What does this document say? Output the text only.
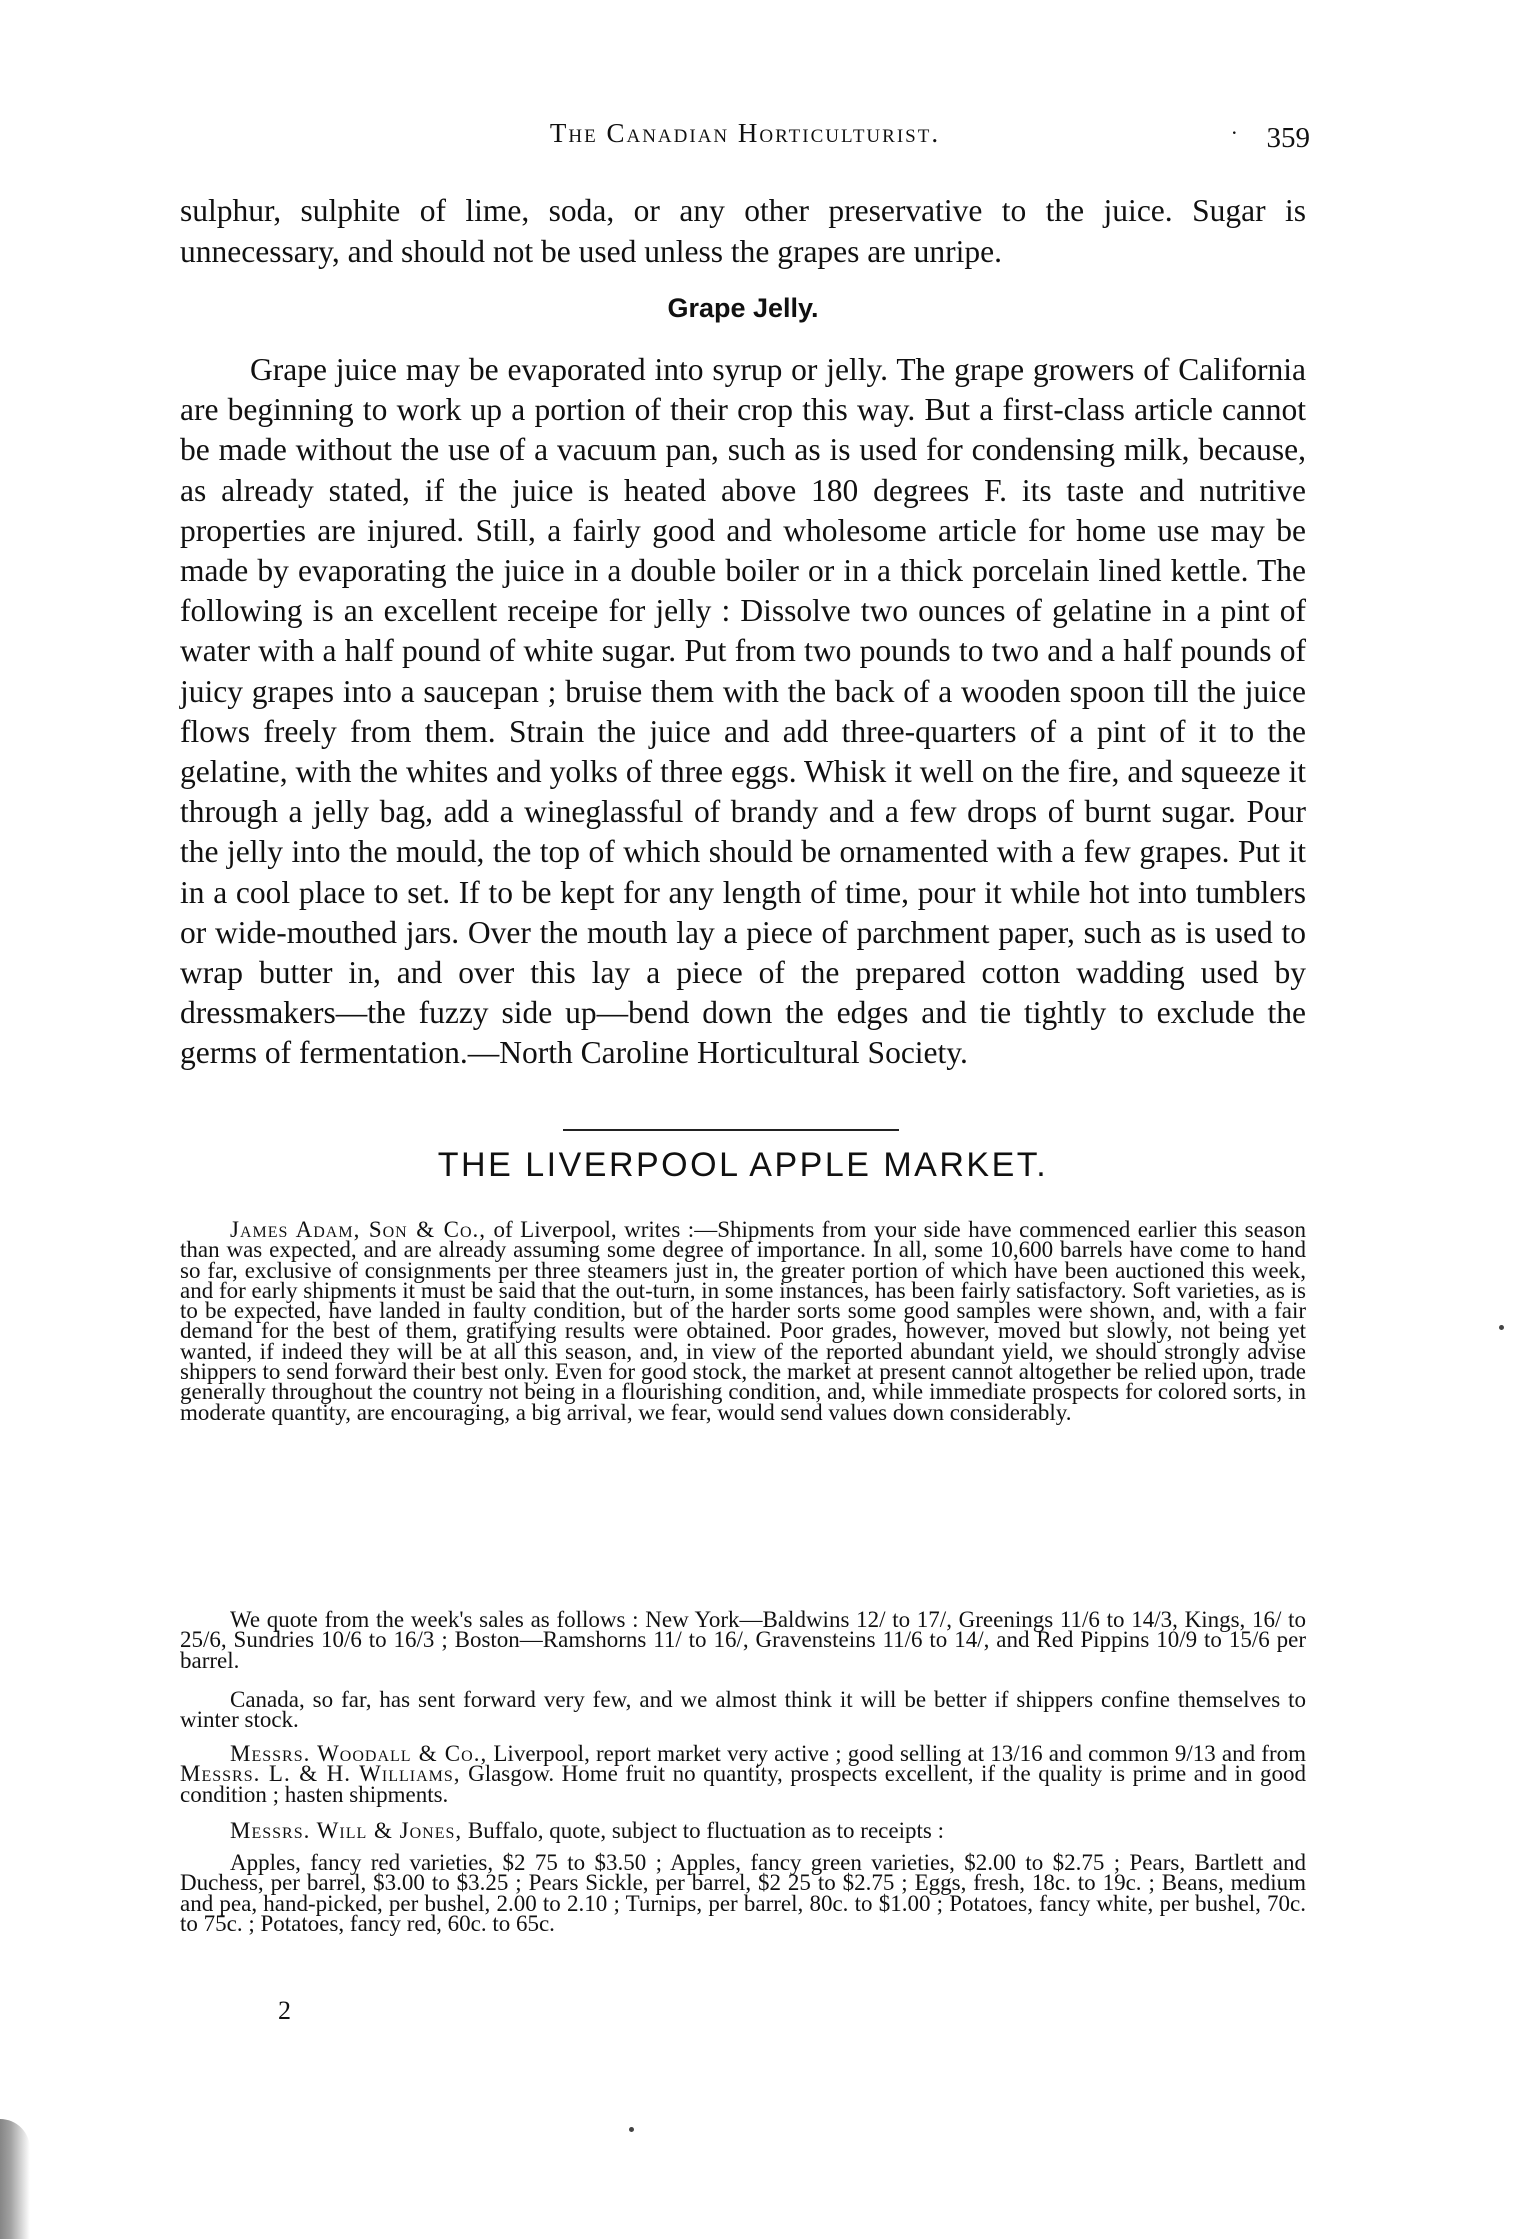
The Canadian Horticulturist.	· 359

sulphur, sulphite of lime, soda, or any other preservative to the juice. Sugar is unnecessary, and should not be used unless the grapes are unripe.

Grape Jelly.

Grape juice may be evaporated into syrup or jelly. The grape growers of California are beginning to work up a portion of their crop this way. But a first-class article cannot be made without the use of a vacuum pan, such as is used for condensing milk, because, as already stated, if the juice is heated above 180 degrees F. its taste and nutritive properties are injured. Still, a fairly good and wholesome article for home use may be made by evaporating the juice in a double boiler or in a thick porcelain lined kettle. The following is an excellent receipe for jelly : Dissolve two ounces of gelatine in a pint of water with a half pound of white sugar. Put from two pounds to two and a half pounds of juicy grapes into a saucepan ; bruise them with the back of a wooden spoon till the juice flows freely from them. Strain the juice and add three-quarters of a pint of it to the gelatine, with the whites and yolks of three eggs. Whisk it well on the fire, and squeeze it through a jelly bag, add a wineglassful of brandy and a few drops of burnt sugar. Pour the jelly into the mould, the top of which should be ornamented with a few grapes. Put it in a cool place to set. If to be kept for any length of time, pour it while hot into tumblers or wide-mouthed jars. Over the mouth lay a piece of parchment paper, such as is used to wrap butter in, and over this lay a piece of the prepared cotton wadding used by dressmakers—the fuzzy side up—bend down the edges and tie tightly to exclude the germs of fermentation.—North Caroline Horticultural Society.

THE LIVERPOOL APPLE MARKET.

James Adam, Son & Co., of Liverpool, writes :—Shipments from your side have commenced earlier this season than was expected, and are already assuming some degree of importance. In all, some 10,600 barrels have come to hand so far, exclusive of consignments per three steamers just in, the greater portion of which have been auctioned this week, and for early shipments it must be said that the out-turn, in some instances, has been fairly satisfactory. Soft varieties, as is to be expected, have landed in faulty condition, but of the harder sorts some good samples were shown, and, with a fair demand for the best of them, gratifying results were obtained. Poor grades, however, moved but slowly, not being yet wanted, if indeed they will be at all this season, and, in view of the reported abundant yield, we should strongly advise shippers to send forward their best only. Even for good stock, the market at present cannot altogether be relied upon, trade generally throughout the country not being in a flourishing condition, and, while immediate prospects for colored sorts, in moderate quantity, are encouraging, a big arrival, we fear, would send values down considerably.

We quote from the week's sales as follows : New York—Baldwins 12/ to 17/, Greenings 11/6 to 14/3, Kings, 16/ to 25/6, Sundries 10/6 to 16/3 ; Boston—Ramshorns 11/ to 16/, Gravensteins 11/6 to 14/, and Red Pippins 10/9 to 15/6 per barrel.

Canada, so far, has sent forward very few, and we almost think it will be better if shippers confine themselves to winter stock.

Messrs. Woodall & Co., Liverpool, report market very active ; good selling at 13/16 and common 9/13 and from Messrs. L. & H. Williams, Glasgow. Home fruit no quantity, prospects excellent, if the quality is prime and in good condition ; hasten shipments.

Messrs. Will & Jones, Buffalo, quote, subject to fluctuation as to receipts :

Apples, fancy red varieties, $2 75 to $3.50 ; Apples, fancy green varieties, $2.00 to $2.75 ; Pears, Bartlett and Duchess, per barrel, $3.00 to $3.25 ; Pears Sickle, per barrel, $2 25 to $2.75 ; Eggs, fresh, 18c. to 19c. ; Beans, medium and pea, hand-picked, per bushel, 2.00 to 2.10 ; Turnips, per barrel, 80c. to $1.00 ; Potatoes, fancy white, per bushel, 70c. to 75c. ; Potatoes, fancy red, 60c. to 65c.

2
